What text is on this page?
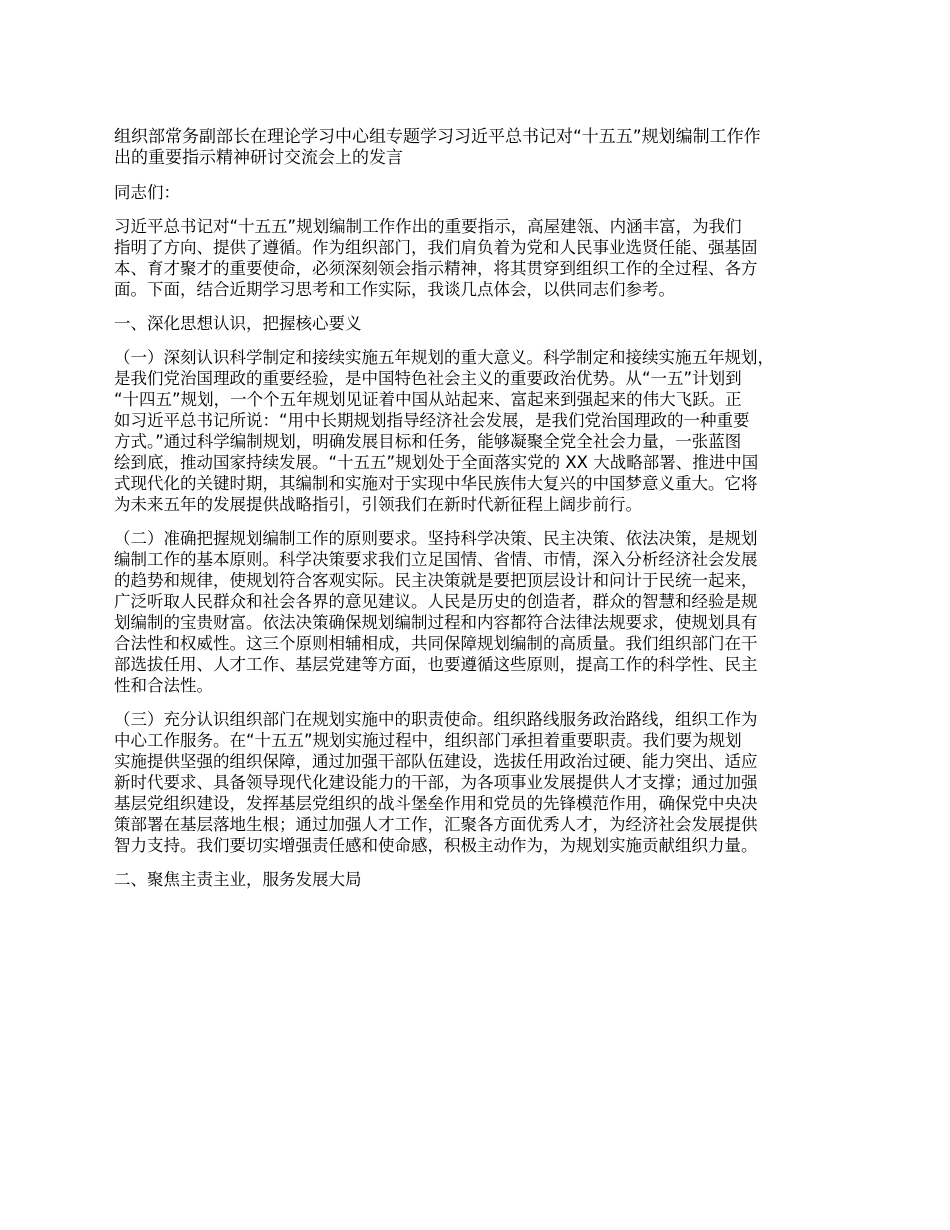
组织部常务副部长在理论学习中心组专题学习习近平总书记对“十五五”规划编制工作作
出的重要指示精神研讨交流会上的发言
同志们：
习近平总书记对“十五五”规划编制工作作出的重要指示，高屋建瓴、内涵丰富，为我们
指明了方向、提供了遵循。作为组织部门，我们肩负着为党和人民事业选贤任能、强基固
本、育才聚才的重要使命，必须深刻领会指示精神，将其贯穿到组织工作的全过程、各方
面。下面，结合近期学习思考和工作实际，我谈几点体会，以供同志们参考。
一、深化思想认识，把握核心要义
（一）深刻认识科学制定和接续实施五年规划的重大意义。科学制定和接续实施五年规划，
是我们党治国理政的重要经验，是中国特色社会主义的重要政治优势。从“一五”计划到
“十四五”规划，一个个五年规划见证着中国从站起来、富起来到强起来的伟大飞跃。正
如习近平总书记所说：“用中长期规划指导经济社会发展，是我们党治国理政的一种重要
方式。”通过科学编制规划，明确发展目标和任务，能够凝聚全党全社会力量，一张蓝图
绘到底，推动国家持续发展。“十五五”规划处于全面落实党的 XX 大战略部署、推进中国
式现代化的关键时期，其编制和实施对于实现中华民族伟大复兴的中国梦意义重大。它将
为未来五年的发展提供战略指引，引领我们在新时代新征程上阔步前行。
（二）准确把握规划编制工作的原则要求。坚持科学决策、民主决策、依法决策，是规划
编制工作的基本原则。科学决策要求我们立足国情、省情、市情，深入分析经济社会发展
的趋势和规律，使规划符合客观实际。民主决策就是要把顶层设计和问计于民统一起来，
广泛听取人民群众和社会各界的意见建议。人民是历史的创造者，群众的智慧和经验是规
划编制的宝贵财富。依法决策确保规划编制过程和内容都符合法律法规要求，使规划具有
合法性和权威性。这三个原则相辅相成，共同保障规划编制的高质量。我们组织部门在干
部选拔任用、人才工作、基层党建等方面，也要遵循这些原则，提高工作的科学性、民主
性和合法性。
（三）充分认识组织部门在规划实施中的职责使命。组织路线服务政治路线，组织工作为
中心工作服务。在“十五五”规划实施过程中，组织部门承担着重要职责。我们要为规划
实施提供坚强的组织保障，通过加强干部队伍建设，选拔任用政治过硬、能力突出、适应
新时代要求、具备领导现代化建设能力的干部，为各项事业发展提供人才支撑；通过加强
基层党组织建设，发挥基层党组织的战斗堡垒作用和党员的先锋模范作用，确保党中央决
策部署在基层落地生根；通过加强人才工作，汇聚各方面优秀人才，为经济社会发展提供
智力支持。我们要切实增强责任感和使命感，积极主动作为，为规划实施贡献组织力量。
二、聚焦主责主业，服务发展大局
